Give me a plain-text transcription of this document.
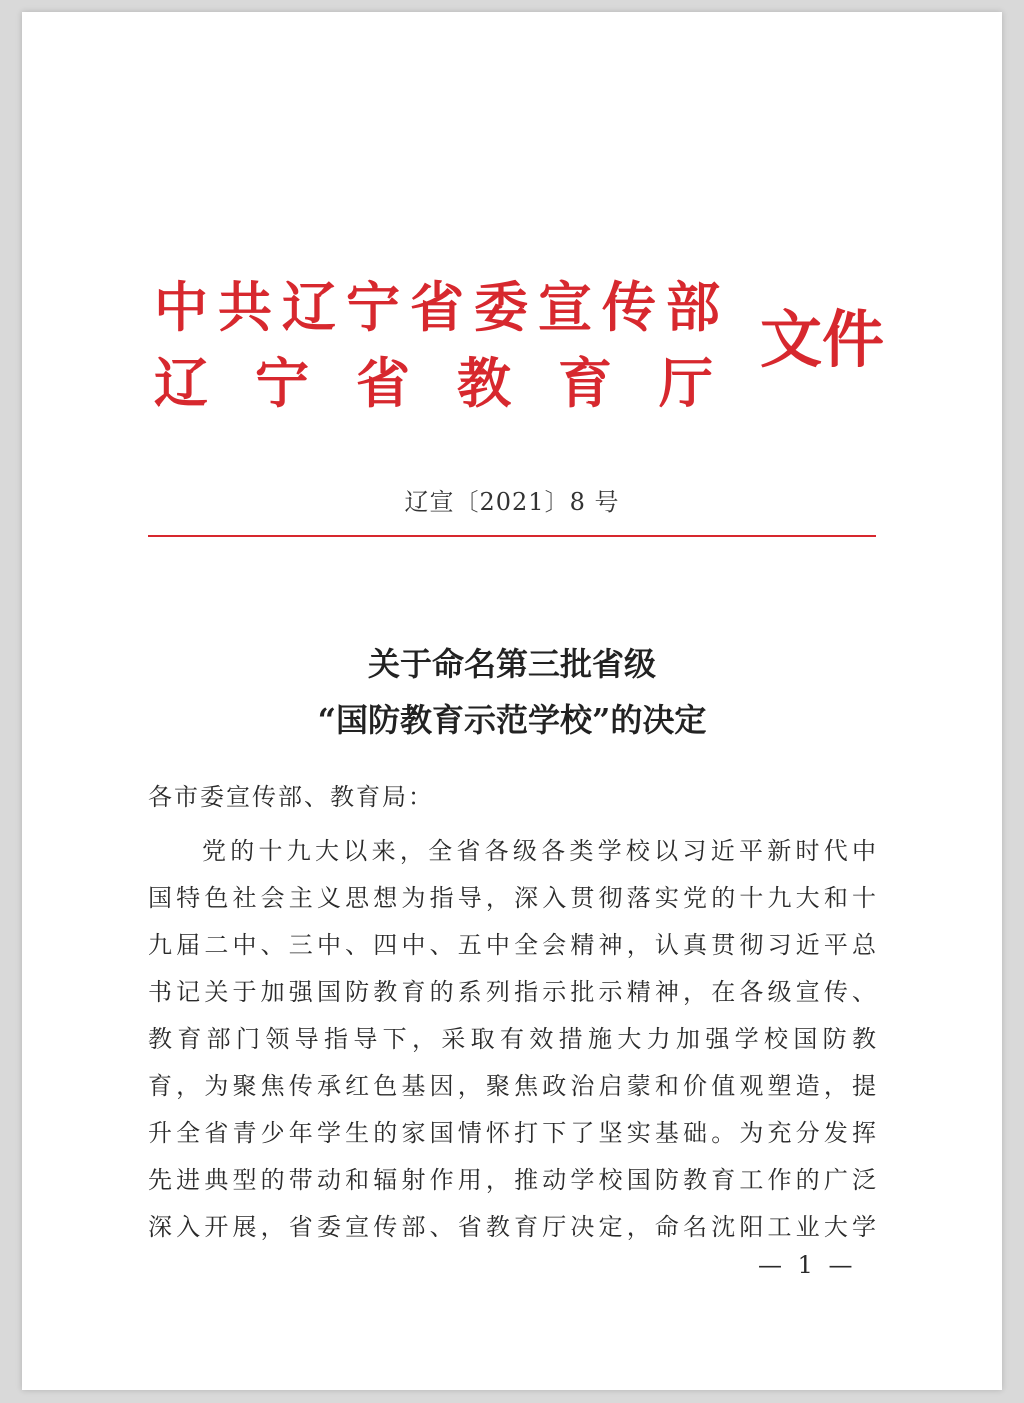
中共辽宁省委宣传部
辽宁省教育厅
文件
辽宣〔2021〕8 号
关于命名第三批省级
“国防教育示范学校”的决定
各市委宣传部、教育局：
党的十九大以来，全省各级各类学校以习近平新时代中
国特色社会主义思想为指导，深入贯彻落实党的十九大和十
九届二中、三中、四中、五中全会精神，认真贯彻习近平总
书记关于加强国防教育的系列指示批示精神，在各级宣传、
教育部门领导指导下，采取有效措施大力加强学校国防教
育，为聚焦传承红色基因，聚焦政治启蒙和价值观塑造，提
升全省青少年学生的家国情怀打下了坚实基础。为充分发挥
先进典型的带动和辐射作用，推动学校国防教育工作的广泛
深入开展，省委宣传部、省教育厅决定，命名沈阳工业大学
— 1 —
